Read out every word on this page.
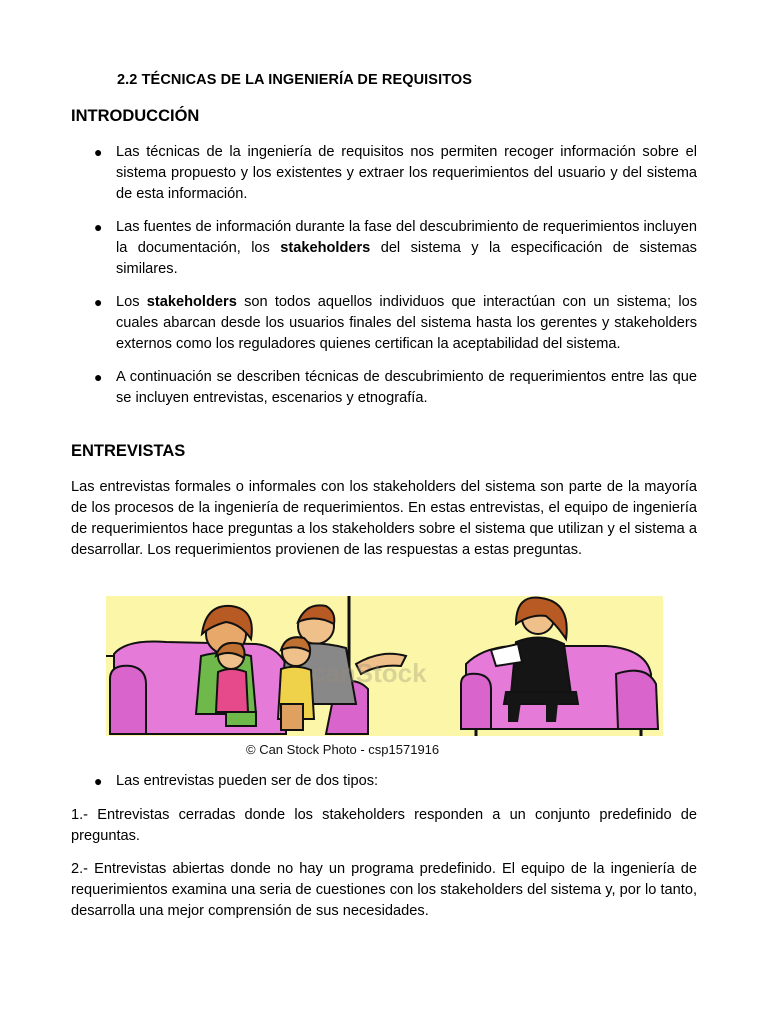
2.2 TÉCNICAS DE LA INGENIERÍA DE REQUISITOS
INTRODUCCIÓN
● Las técnicas de la ingeniería de requisitos nos permiten recoger información sobre el sistema propuesto y los existentes y extraer los requerimientos del usuario y del sistema de esta información.
● Las fuentes de información durante la fase del descubrimiento de requerimientos incluyen la documentación, los stakeholders del sistema y la especificación de sistemas similares.
● Los stakeholders son todos aquellos individuos que interactúan con un sistema; los cuales abarcan desde los usuarios finales del sistema hasta los gerentes y stakeholders externos como los reguladores quienes certifican la aceptabilidad del sistema.
● A continuación se describen técnicas de descubrimiento de requerimientos entre las que se incluyen entrevistas, escenarios y etnografía.
ENTREVISTAS
Las entrevistas formales o informales con los stakeholders del sistema son parte de la mayoría de los procesos de la ingeniería de requerimientos. En estas entrevistas, el equipo de ingeniería de requerimientos hace preguntas a los stakeholders sobre el sistema que utilizan y el sistema a desarrollar. Los requerimientos provienen de las respuestas a estas preguntas.
canStock
© Can Stock Photo - csp1571916
● Las entrevistas pueden ser de dos tipos:
1.- Entrevistas cerradas donde los stakeholders responden a un conjunto predefinido de preguntas.
2.- Entrevistas abiertas donde no hay un programa predefinido. El equipo de la ingeniería de requerimientos examina una seria de cuestiones con los stakeholders del sistema y, por lo tanto, desarrolla una mejor comprensión de sus necesidades.
